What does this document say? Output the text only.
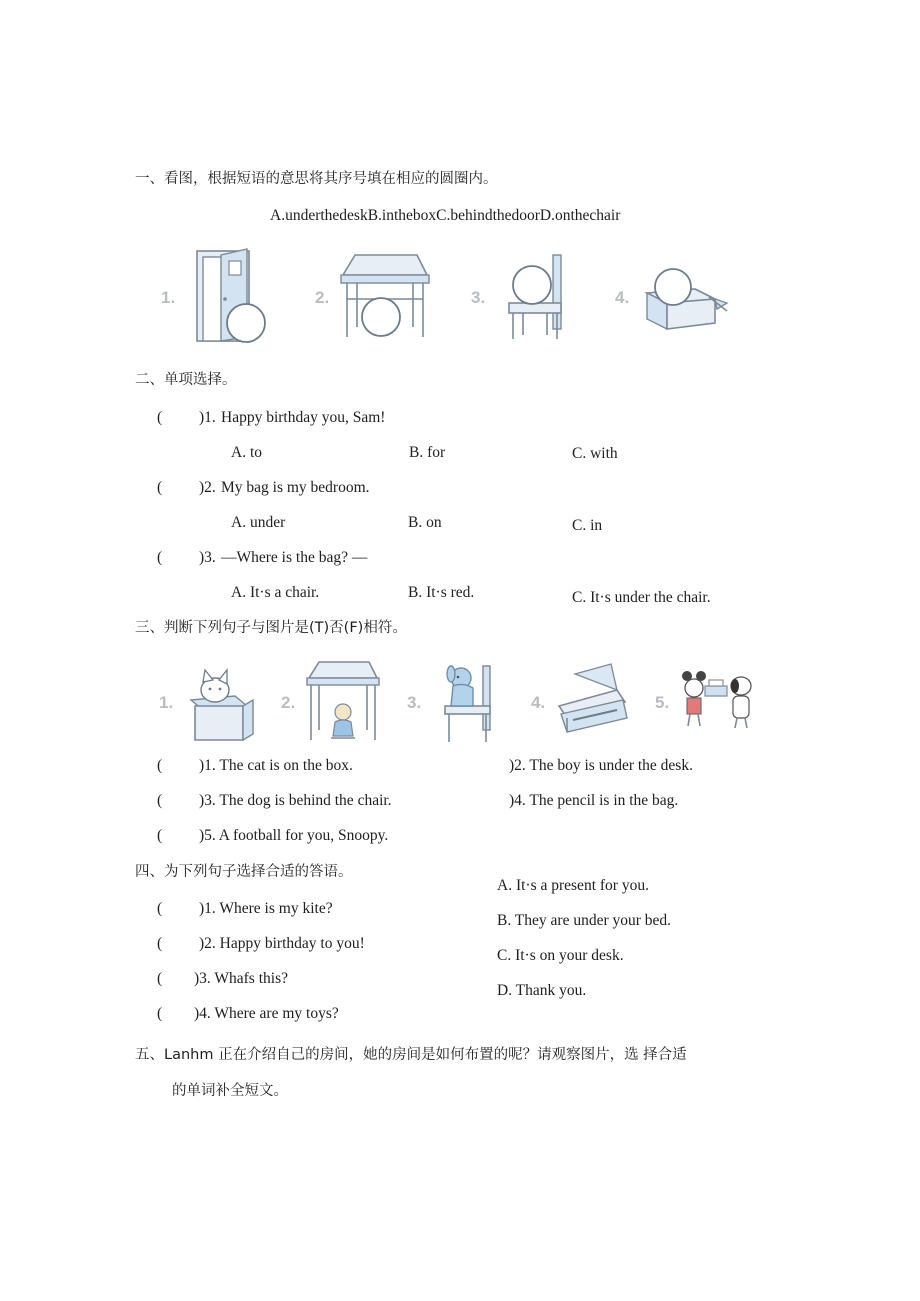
一、看图，根据短语的意思将其序号填在相应的圆圈内。
A.underthedeskB.intheboxC.behindthedoorD.onthechair
1.	2.	3.	4.
二、单项选择。
( )1. Happy birthday you, Sam!
A. to	B. for	C. with
( )2. My bag is my bedroom.
A. under	B. on	C. in
( )3. —Where is the bag? —
A. It·s a chair.	B. It·s red.	C. It·s under the chair.
三、判断下列句子与图片是(T)否(F)相符。
1.	2.	3.	4.	5.
( )1. The cat is on the box.	)2. The boy is under the desk.
( )3. The dog is behind the chair.	)4. The pencil is in the bag.
( )5. A football for you, Snoopy.
四、为下列句子选择合适的答语。
( )1. Where is my kite?
( )2. Happy birthday to you!
( )3. Whafs this?
( )4. Where are my toys?
A. It·s a present for you.
B. They are under your bed.
C. It·s on your desk.
D. Thank you.
五、Lanhm 正在介绍自己的房间，她的房间是如何布置的呢？请观察图片，选 择合适
的单词补全短文。
